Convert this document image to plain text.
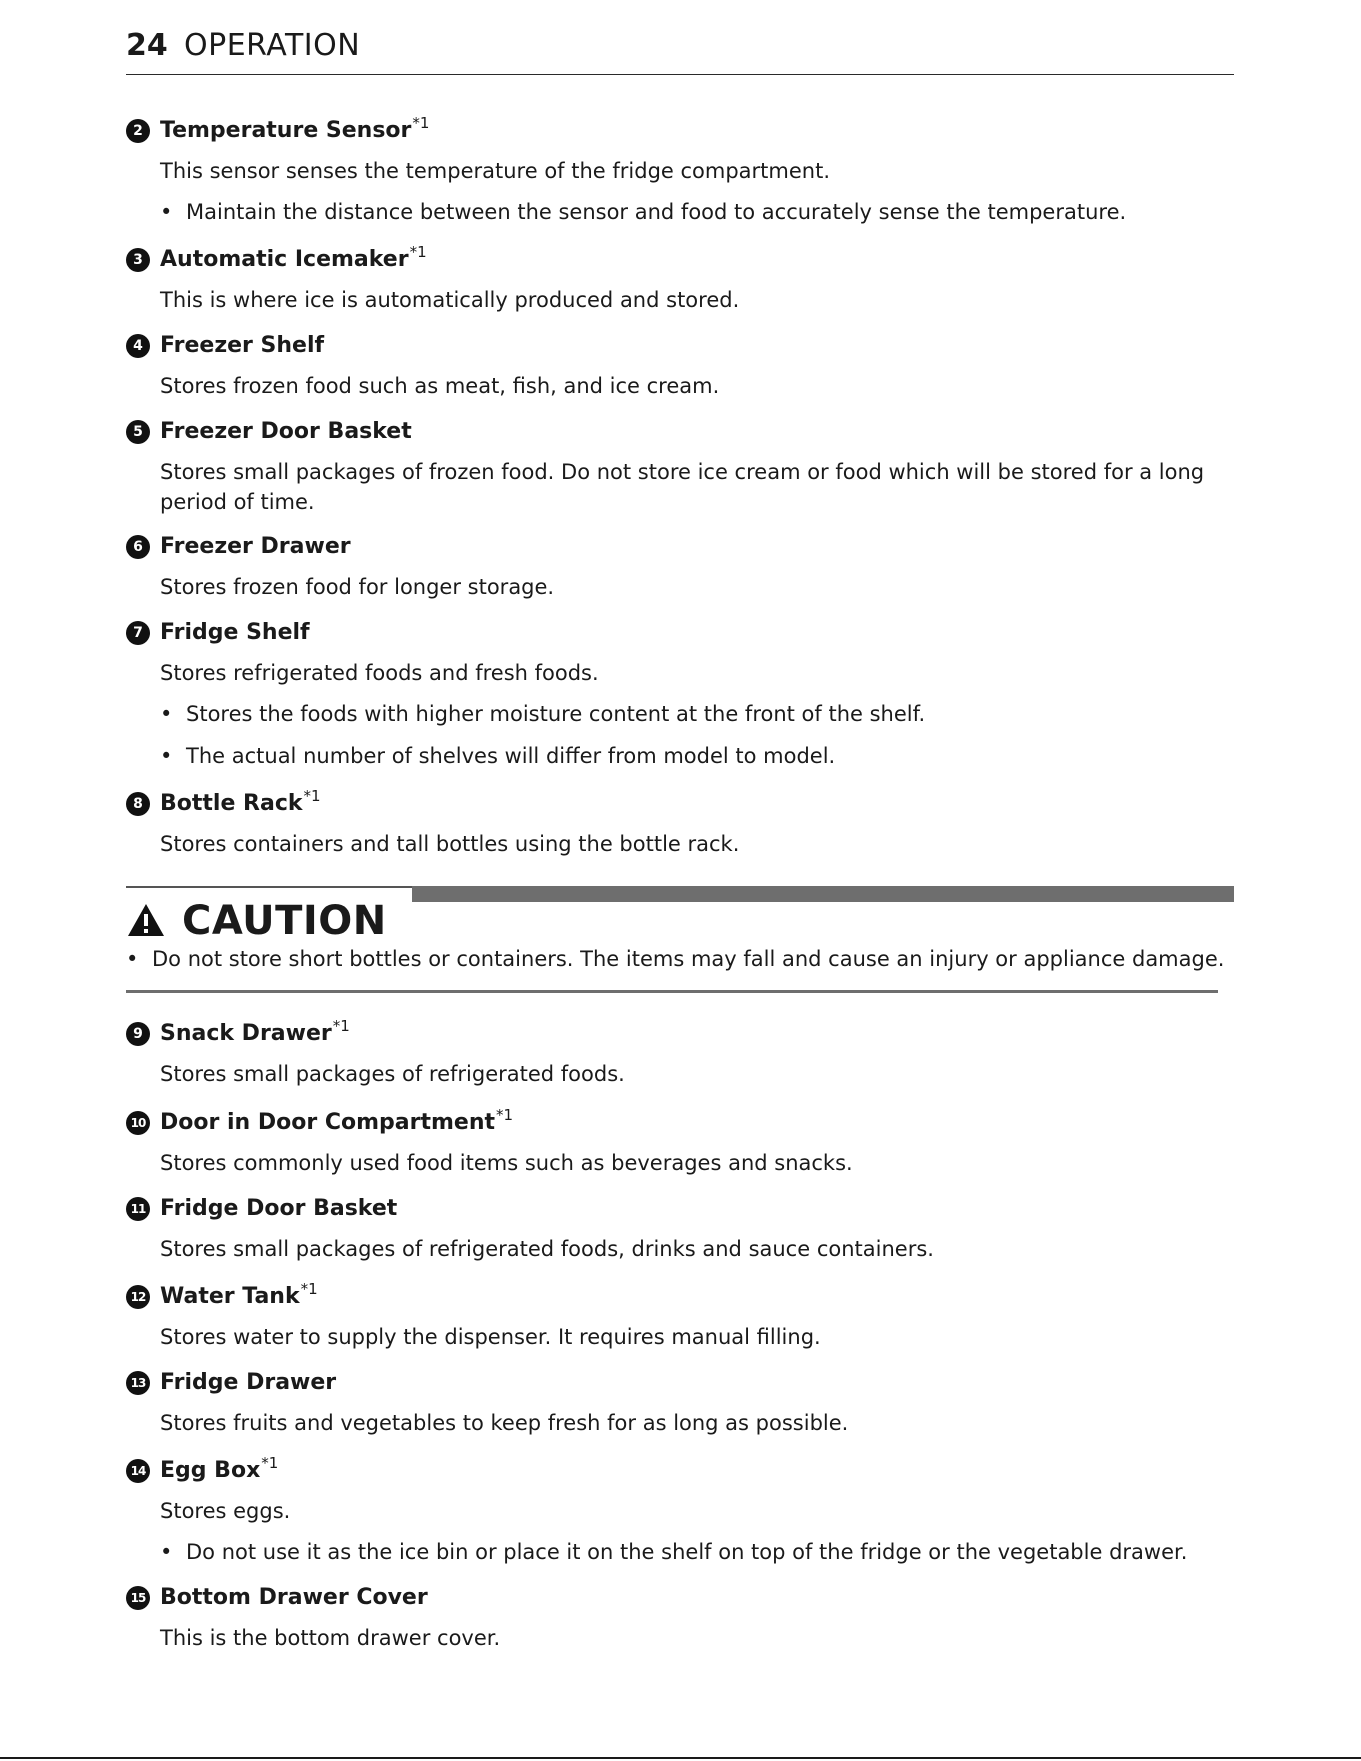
24 OPERATION
2 Temperature Sensor$^{*1}$
This sensor senses the temperature of the fridge compartment.
• Maintain the distance between the sensor and food to accurately sense the temperature.
3 Automatic Icemaker$^{*1}$
This is where ice is automatically produced and stored.
4 Freezer Shelf
Stores frozen food such as meat, fish, and ice cream.
5 Freezer Door Basket
Stores small packages of frozen food. Do not store ice cream or food which will be stored for a long period of time.
6 Freezer Drawer
Stores frozen food for longer storage.
7 Fridge Shelf
Stores refrigerated foods and fresh foods.
• Stores the foods with higher moisture content at the front of the shelf.
• The actual number of shelves will differ from model to model.
8 Bottle Rack$^{*1}$
Stores containers and tall bottles using the bottle rack.
CAUTION
• Do not store short bottles or containers. The items may fall and cause an injury or appliance damage.
9 Snack Drawer$^{*1}$
Stores small packages of refrigerated foods.
10 Door in Door Compartment$^{*1}$
Stores commonly used food items such as beverages and snacks.
11 Fridge Door Basket
Stores small packages of refrigerated foods, drinks and sauce containers.
12 Water Tank$^{*1}$
Stores water to supply the dispenser. It requires manual filling.
13 Fridge Drawer
Stores fruits and vegetables to keep fresh for as long as possible.
14 Egg Box$^{*1}$
Stores eggs.
• Do not use it as the ice bin or place it on the shelf on top of the fridge or the vegetable drawer.
15 Bottom Drawer Cover
This is the bottom drawer cover.
